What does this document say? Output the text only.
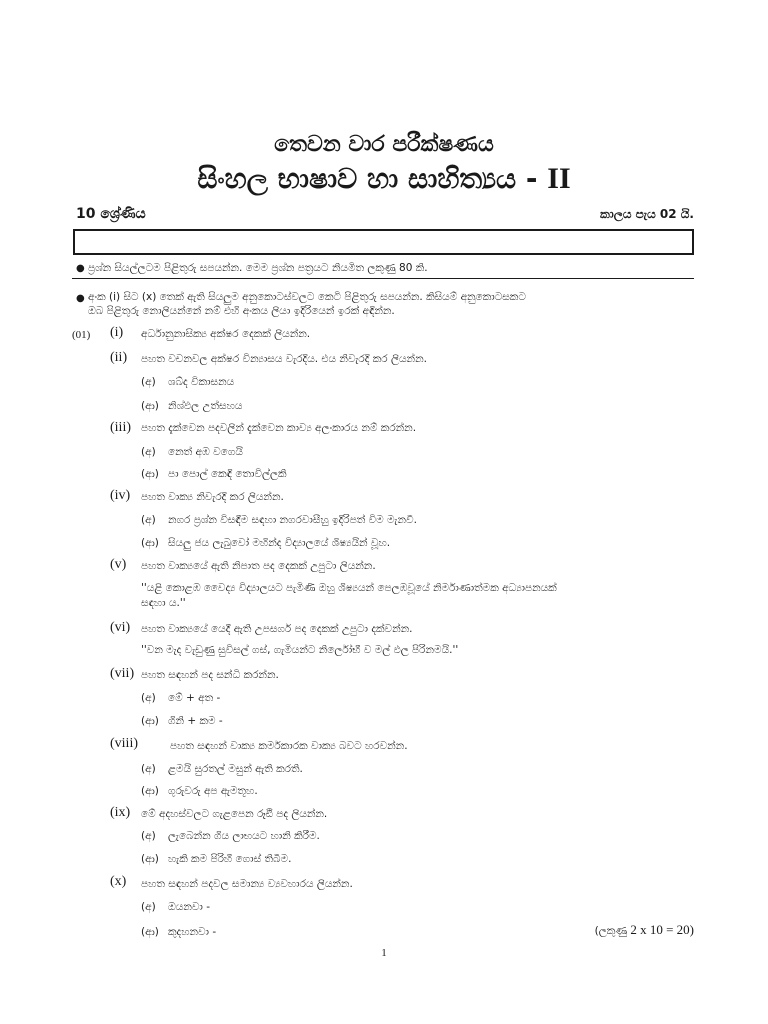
තෙවන වාර පරීක්ෂණය
සිංහල භාෂාව හා සාහිත්‍යය - II
10 ශ්‍රේණිය	කාලය පැය 02 යි.
● ප්‍රශ්න සියල්ලටම පිළිතුරු සපයන්න. මෙම ප්‍රශ්න පත්‍රයට නියමිත ලකුණු 80 කි.
● අංක (i) සිට (x) තෙක් ඇති සියලුම අනුකොටස්වලට කෙටි පිළිතුරු සපයන්න. කිසියම් අනුකොටසකට
ඔබ පිළිතුරු නොලියන්නේ නම් එහි අංකය ලියා ඉදිරියෙන් ඉරක් අඳින්න.
(01) (i) අර්ධානුනාසික්‍ය අක්ෂර දෙකක් ලියන්න.
(ii) පහත වචනවල අක්ෂර වින්‍යාසය වැරදිය. එය නිවැරදි කර ලියන්න.
(අ) ශබ්ද විකාසනය
(ආ) නිශ්ඵල උත්සහය
(iii) පහත දැක්වෙන පදවලින් දැක්වෙන කාව්‍ය අලංකාරය නම් කරන්න.
(අ) නෙත් අඹ වගෙයි
(ආ) පා පොල් කෙඳි තොවිල්ලකි
(iv) පහත වාක්‍ය නිවැරදි කර ලියන්න.
(අ) නගර ප්‍රශ්න විසඳීම සඳහා නගරවාසීහු ඉදිරිපත් විම මැනවී.
(ආ) සියලු ජය ලැබුවෝ මහින්ද විද්‍යාලයේ ශිෂ්‍යයින් වූහ.
(v) පහත වාක්‍යයේ ඇති නිපාත පද දෙකක් උපුටා ලියන්න.
''යළි කොළඹ වෛද්‍ය විද්‍යාලයට පැමිණි ඔහු ශිෂ්‍යයන් පෙලඹවූයේ නිර්මාණාත්මක අධ්‍යාපනයක්
සඳහා ය.''
(vi) පහත වාක්‍යයේ යෙදී ඇති උපසර්ග පද දෙකක් උපුටා දක්වන්න.
''වන මැද වැඩුණු සුවිසල් ගස්, ගැමියන්ට නිර්ලෝභී ව මල් ඵල පිරිනමයි.''
(vii) පහත සඳහන් පද සන්ධි කරන්න.
(අ) මේ + අත -
(ආ) ගිනි + කම -
(viii)	පහත සඳහන් වාක්‍ය කර්මකාරක වාක්‍ය බවට හරවන්න.
(අ) ළමයි සුරතල් මසුන් ඇති කරති.
(ආ) ගුරුවරු අප ඇමතූහ.
(ix) මේ අදහස්වලට ගැළපෙන රූඪි පද ලියන්න.
(අ) ලැබෙන්න ගිය ලාභයට හානි කිරීම.
(ආ) හැකි කම පිරිහී ගොස් තිබීම.
(x) පහත සඳහන් පදවල සමාන්‍ය ව්‍යවහාරය ලියන්න.
(අ) ඔයනවා -
(ආ) කුදහනවා -	(ලකුණු 2 x 10 = 20)
1
